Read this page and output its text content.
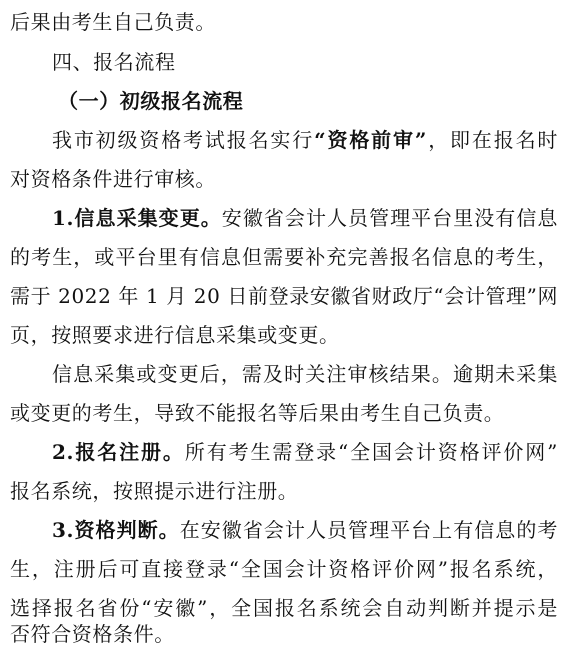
后果由考生自己负责。
四、报名流程
（一）初级报名流程
我市初级资格考试报名实行“资格前审”，即在报名时
对资格条件进行审核。
1.信息采集变更。安徽省会计人员管理平台里没有信息
的考生，或平台里有信息但需要补充完善报名信息的考生，
需于 2022 年 1 月 20 日前登录安徽省财政厅“会计管理”网
页，按照要求进行信息采集或变更。
信息采集或变更后，需及时关注审核结果。逾期未采集
或变更的考生，导致不能报名等后果由考生自己负责。
2.报名注册。所有考生需登录“全国会计资格评价网”
报名系统，按照提示进行注册。
3.资格判断。在安徽省会计人员管理平台上有信息的考
生，注册后可直接登录“全国会计资格评价网”报名系统，
选择报名省份“安徽”，全国报名系统会自动判断并提示是
否符合资格条件。
